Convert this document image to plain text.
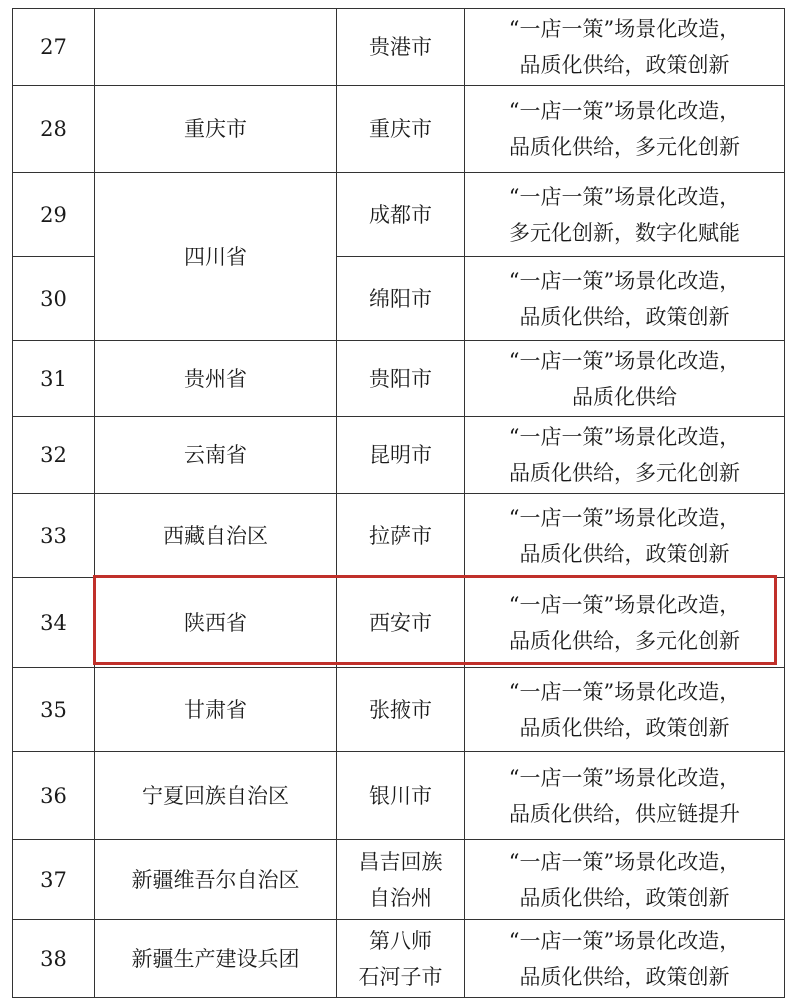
27		贵港市	“一店一策”场景化改造，
品质化供给，政策创新

28	重庆市	重庆市	“一店一策”场景化改造，
品质化供给，多元化创新

29	四川省	成都市	“一店一策”场景化改造，
多元化创新，数字化赋能

30		绵阳市	“一店一策”场景化改造，
品质化供给，政策创新

31	贵州省	贵阳市	“一店一策”场景化改造，
品质化供给

32	云南省	昆明市	“一店一策”场景化改造，
品质化供给，多元化创新

33	西藏自治区	拉萨市	“一店一策”场景化改造，
品质化供给，政策创新

34	陕西省	西安市	“一店一策”场景化改造，
品质化供给，多元化创新

35	甘肃省	张掖市	“一店一策”场景化改造，
品质化供给，政策创新

36	宁夏回族自治区	银川市	“一店一策”场景化改造，
品质化供给，供应链提升

37	新疆维吾尔自治区	昌吉回族
自治州	“一店一策”场景化改造，
品质化供给，政策创新

38	新疆生产建设兵团	第八师
石河子市	“一店一策”场景化改造，
品质化供给，政策创新
